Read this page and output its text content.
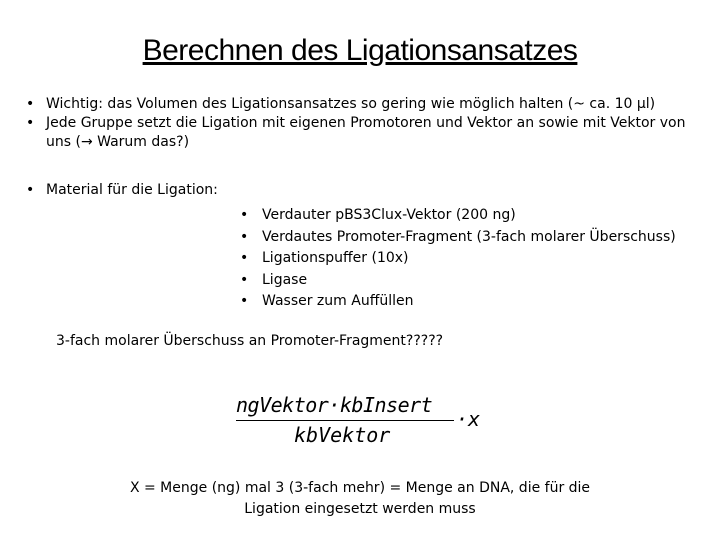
Berechnen des Ligationsansatzes
• Wichtig: das Volumen des Ligationsansatzes so gering wie möglich halten (~ ca. 10 µl)
• Jede Gruppe setzt die Ligation mit eigenen Promotoren und Vektor an sowie mit Vektor von uns (→ Warum das?)
• Material für die Ligation:
• Verdauter pBS3Clux-Vektor (200 ng)
• Verdautes Promoter-Fragment (3-fach molarer Überschuss)
• Ligationspuffer (10x)
• Ligase
• Wasser zum Auffüllen
3-fach molarer Überschuss an Promoter-Fragment?????
ngVektor·kbInsert
kbVektor
·x
X = Menge (ng) mal 3 (3-fach mehr) = Menge an DNA, die für die Ligation eingesetzt werden muss
